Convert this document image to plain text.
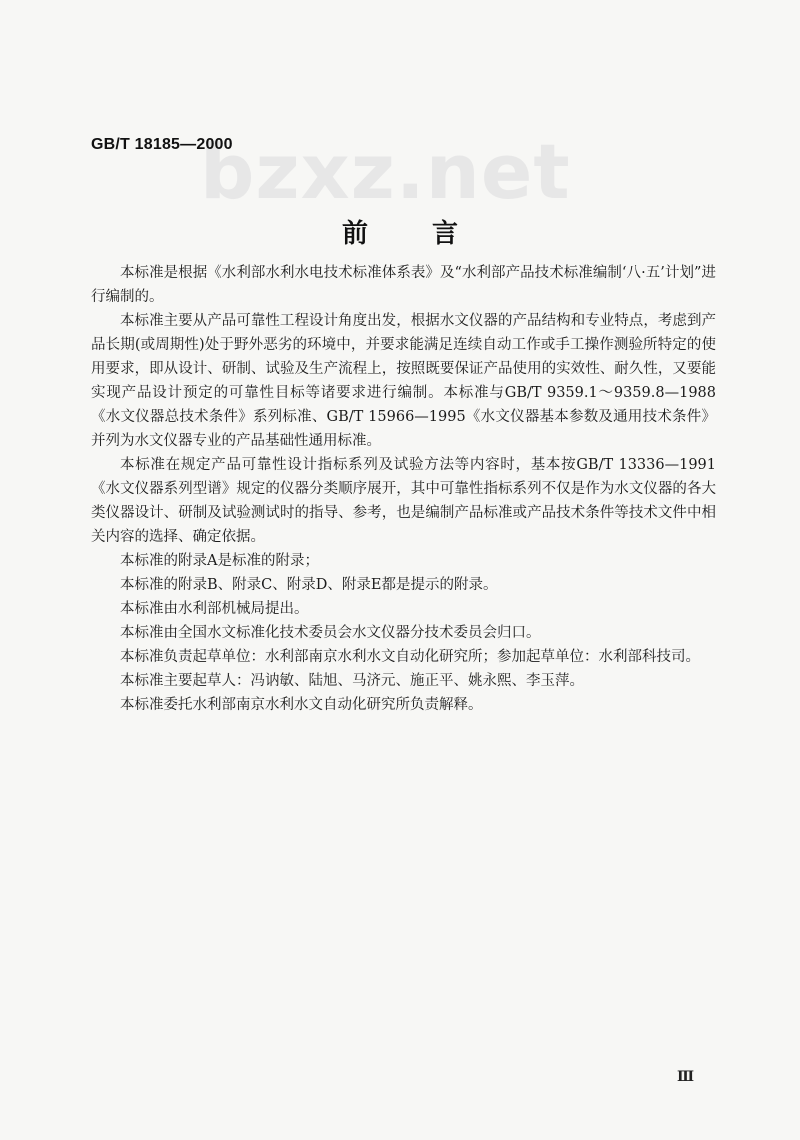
bzxz.net
GB/T 18185—2000
前言

本标准是根据《水利部水利水电技术标准体系表》及“水利部产品技术标准编制‘八·五’计划”进行编制的。

本标准主要从产品可靠性工程设计角度出发，根据水文仪器的产品结构和专业特点，考虑到产品长期(或周期性)处于野外恶劣的环境中，并要求能满足连续自动工作或手工操作测验所特定的使用要求，即从设计、研制、试验及生产流程上，按照既要保证产品使用的实效性、耐久性，又要能实现产品设计预定的可靠性目标等诸要求进行编制。本标准与GB/T 9359.1～9359.8—1988《水文仪器总技术条件》系列标准、GB/T 15966—1995《水文仪器基本参数及通用技术条件》并列为水文仪器专业的产品基础性通用标准。

本标准在规定产品可靠性设计指标系列及试验方法等内容时，基本按GB/T 13336—1991《水文仪器系列型谱》规定的仪器分类顺序展开，其中可靠性指标系列不仅是作为水文仪器的各大类仪器设计、研制及试验测试时的指导、参考，也是编制产品标准或产品技术条件等技术文件中相关内容的选择、确定依据。

本标准的附录A是标准的附录；

本标准的附录B、附录C、附录D、附录E都是提示的附录。

本标准由水利部机械局提出。

本标准由全国水文标准化技术委员会水文仪器分技术委员会归口。

本标准负责起草单位：水利部南京水利水文自动化研究所；参加起草单位：水利部科技司。

本标准主要起草人：冯讷敏、陆旭、马济元、施正平、姚永熙、李玉萍。

本标准委托水利部南京水利水文自动化研究所负责解释。

Ⅲ
